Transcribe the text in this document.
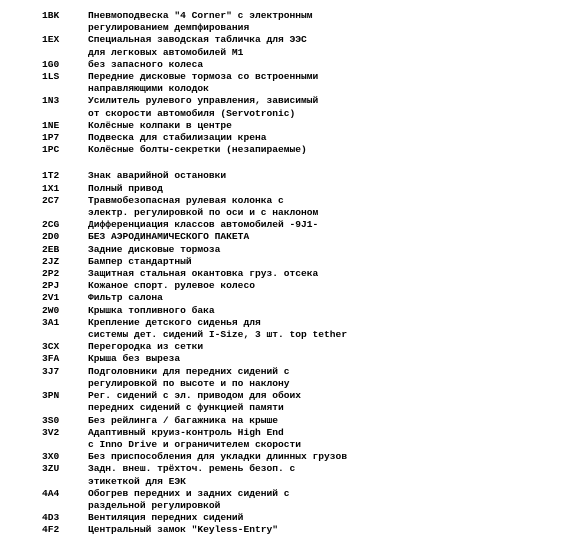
1BK	Пневмоподвеска "4 Corner" с электронным
регулированием демпфирования
1EX	Специальная заводская табличка для ЭЭС
для легковых автомобилей М1
1G0	без запасного колеса
1LS	Передние дисковые тормоза со встроенными
направляющими колодок
1N3	Усилитель рулевого управления, зависимый
от скорости автомобиля (Servotronic)
1NE	Колёсные колпаки в центре
1P7	Подвеска для стабилизации крена
1PC	Колёсные болты-секретки (незапираемые)
1T2	Знак аварийной остановки
1X1	Полный привод
2C7	Травмобезопасная рулевая колонка с
электр. регулировкой по оси и с наклоном
2CG	Дифференциация классов автомобилей -9J1-
2D0	БЕЗ АЭРОДИНАМИЧЕСКОГО ПАКЕТА
2EB	Задние дисковые тормоза
2JZ	Бампер стандартный
2P2	Защитная стальная окантовка груз. отсека
2PJ	Кожаное спорт. рулевое колесо
2V1	Фильтр салона
2W0	Крышка топливного бака
3A1	Крепление детского сиденья для
системы дет. сидений I-Size, 3 шт. top tether
3CX	Перегородка из сетки
3FA	Крыша без выреза
3J7	Подголовники для передних сидений с
регулировкой по высоте и по наклону
3PN	Рег. сидений с эл. приводом для обоих
передних сидений с функцией памяти
3S0	Без рейлинга / багажника на крыше
3V2	Адаптивный круиз-контроль High End
с Inno Drive и ограничителем скорости
3X0	Без приспособления для укладки длинных грузов
3ZU	Задн. внеш. трёхточ. ремень безоп. с
этикеткой для ЕЭК
4A4	Обогрев передних и задних сидений с
раздельной регулировкой
4D3	Вентиляция передних сидений
4F2	Центральный замок "Keyless-Entry"
